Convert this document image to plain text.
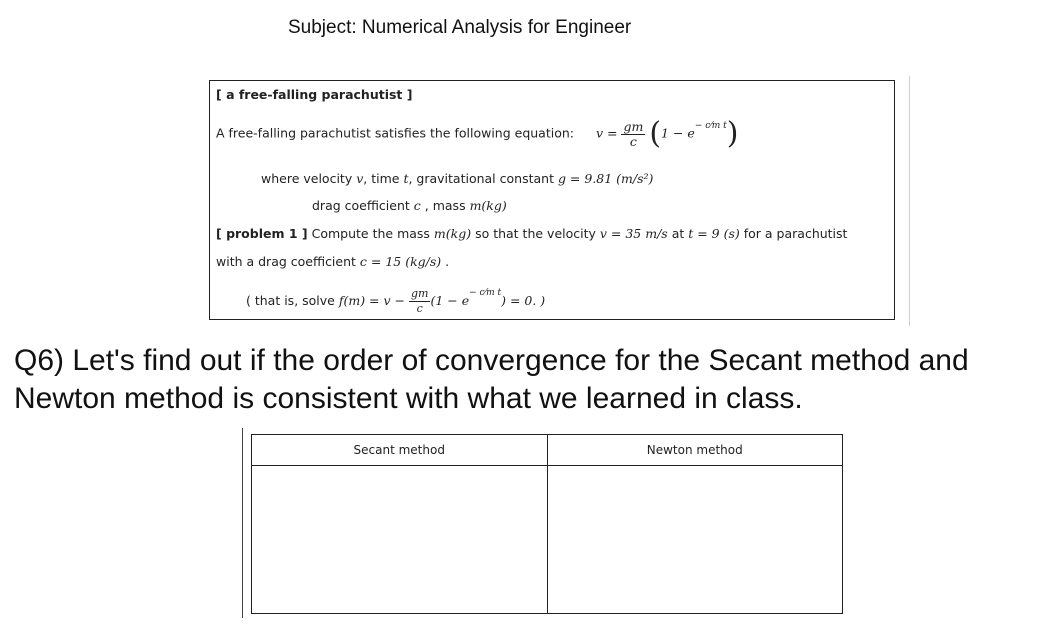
Subject: Numerical Analysis for Engineer
[ a free-falling parachutist ]
A free-falling parachutist satisfies the following equation: $v = \frac{gm}{c} (1 - e^{- c⁄m t})$
where velocity v, time t, gravitational constant g = 9.81 (m/s²)
drag coefficient c , mass m(kg)
[ problem 1 ] Compute the mass m(kg) so that the velocity v = 35 m/s at t = 9 (s) for a parachutist
with a drag coefficient c = 15 (kg/s) .
( that is, solve $f(m) = v - \frac{gm}{c} (1 - e^{- c⁄m t}) = 0$. )
Q6) Let's find out if the order of convergence for the Secant method and Newton method is consistent with what we learned in class.
Secant method	Newton method
